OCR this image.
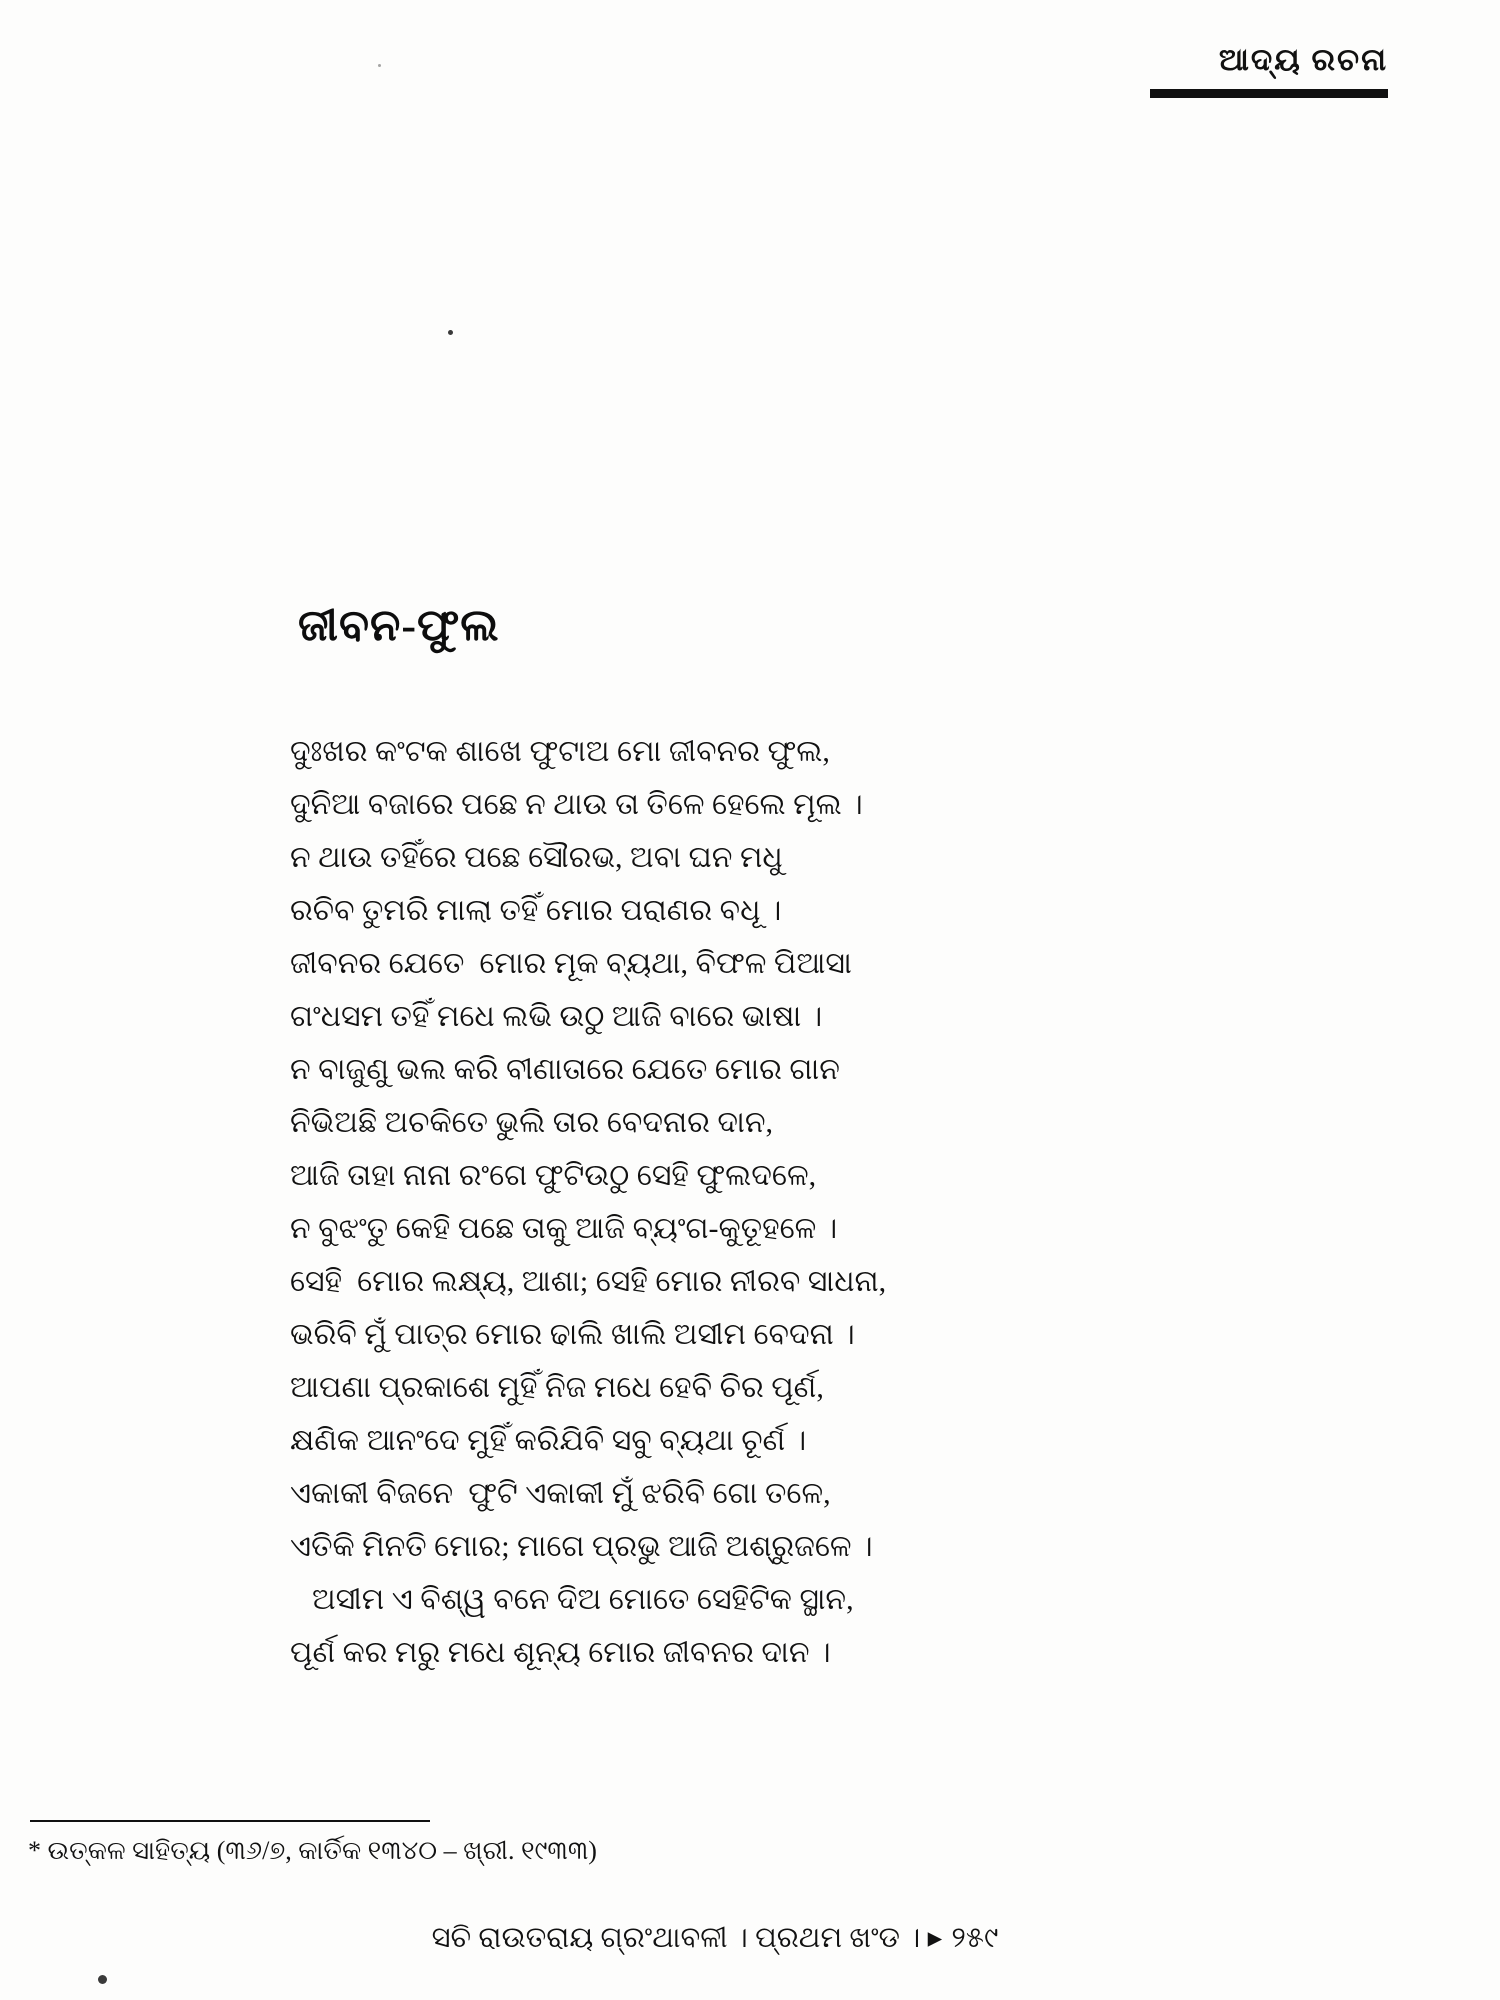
ଆଦ୍ୟ ରଚନା
ଜୀବନ-ଫୁଲ
ଦୁଃଖର କଂଟକ ଶାଖେ ଫୁଟାଅ ମୋ ଜୀବନର ଫୁଲ,
ଦୁନିଆ ବଜାରେ ପଛେ ନ ଥାଉ ତା ତିଳେ ହେଲେ ମୂଲ ।
ନ ଥାଉ ତହିଁରେ ପଛେ ସୌରଭ, ଅବା ଘନ ମଧୁ
ରଚିବ ତୁମରି ମାଲା ତହିଁ ମୋର ପରାଣର ବଧୂ ।
ଜୀବନର ଯେତେ  ମୋର ମୂକ ବ୍ୟଥା, ବିଫଳ ପିଆସା
ଗଂଧସମ ତହିଁ ମଧେ ଲଭି ଉଠୁ ଆଜି ବାରେ ଭାଷା ।
ନ ବାଜୁଣୁ ଭଲ କରି ବୀଣାତାରେ ଯେତେ ମୋର ଗାନ
ନିଭିଅଛି ଅଚକିତେ ଭୁଲି ତାର ବେଦନାର ଦାନ,
ଆଜି ତାହା ନାନା ରଂଗେ ଫୁଟିଉଠୁ ସେହି ଫୁଲଦଳେ,
ନ ବୁଝଂତୁ କେହି ପଛେ ତାକୁ ଆଜି ବ୍ୟଂଗ-କୁତୂହଳେ ।
ସେହି  ମୋର ଲକ୍ଷ୍ୟ, ଆଶା; ସେହି ମୋର ନୀରବ ସାଧନା,
ଭରିବି ମୁଁ ପାତ୍ର ମୋର ଢାଲି ଖାଲି ଅସୀମ ବେଦନା ।
ଆପଣା ପ୍ରକାଶେ ମୁହିଁ ନିଜ ମଧେ ହେବି ଚିର ପୂର୍ଣ,
କ୍ଷଣିକ ଆନଂଦେ ମୁହିଁ କରିଯିବି ସବୁ ବ୍ୟଥା ଚୂର୍ଣ ।
ଏକାକୀ ବିଜନେ  ଫୁଟି ଏକାକୀ ମୁଁ ଝରିବି ଗୋ ତଳେ,
ଏତିକି ମିନତି ମୋର; ମାଗେ ପ୍ରଭୁ ଆଜି ଅଶ୍ରୁଜଳେ ।
ଅସୀମ ଏ ବିଶ୍ୱ ବନେ ଦିଅ ମୋତେ ସେହିଟିକ ସ୍ଥାନ,
ପୂର୍ଣ କର ମରୁ ମଧେ ଶୂନ୍ୟ ମୋର ଜୀବନର ଦାନ ।
* ଉତ୍କଳ ସାହିତ୍ୟ (୩୬/୭, କାର୍ତିକ ୧୩୪୦ – ଖ୍ରୀ. ୧୯୩୩)
ସଚି ରାଉତରାୟ ଗ୍ରଂଥାବଳୀ । ପ୍ରଥମ ଖଂଡ । ▸ ୨୫୯
